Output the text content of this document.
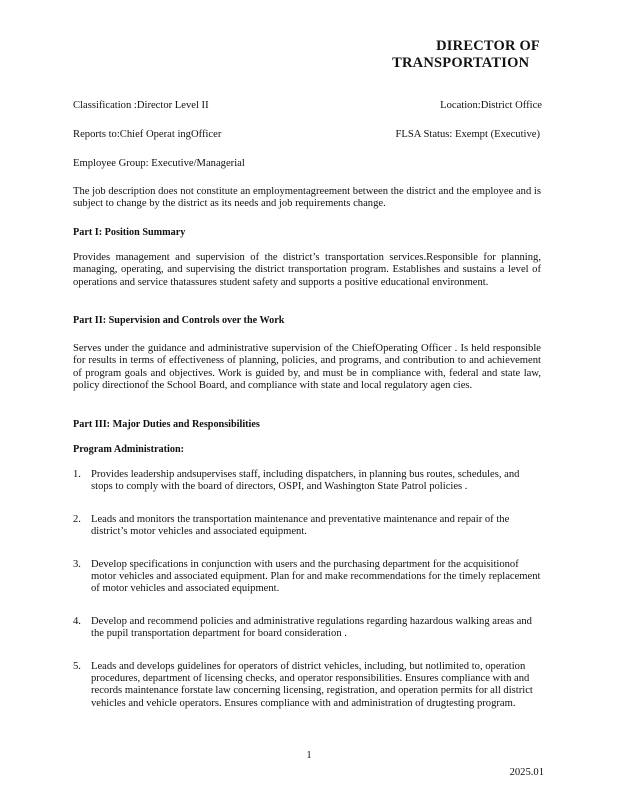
DIRECTOR OF
TRANSPORTATION
Classification :Director Level II	Location:District Office
Reports to:Chief Operat ingOfficer	FLSA Status: Exempt (Executive)
Employee Group: Executive/Managerial
The job description does not constitute an employmentagreement between the district and the employee and is subject to change by the district as its needs and job requirements change.
Part I: Position Summary
Provides management and supervision of the district’s transportation services.Responsible for planning, managing, operating, and supervising the district transportation program. Establishes and sustains a level of operations and service thatassures student safety and supports a positive educational environment.
Part II: Supervision and Controls over the Work
Serves under the guidance and administrative supervision of the ChiefOperating Officer . Is held responsible for results in terms of effectiveness of planning, policies, and programs, and contribution to and achievement of program goals and objectives. Work is guided by, and must be in compliance with, federal and state law, policy directionof the School Board, and compliance with state and local regulatory agen cies.
Part III: Major Duties and Responsibilities
Program Administration:
1. Provides leadership andsupervises staff, including dispatchers, in planning bus routes, schedules, and stops to comply with the board of directors, OSPI, and Washington State Patrol policies .
2. Leads and monitors the transportation maintenance and preventative maintenance and repair of the district’s motor vehicles and associated equipment.
3. Develop specifications in conjunction with users and the purchasing department for the acquisitionof motor vehicles and associated equipment. Plan for and make recommendations for the timely replacement of motor vehicles and associated equipment.
4. Develop and recommend policies and administrative regulations regarding hazardous walking areas and the pupil transportation department for board consideration .
5. Leads and develops guidelines for operators of district vehicles, including, but notlimited to, operation procedures, department of licensing checks, and operator responsibilities. Ensures compliance with and records maintenance forstate law concerning licensing, registration, and operation permits for all district vehicles and vehicle operators. Ensures compliance with and administration of drugtesting program.
1
2025.01
